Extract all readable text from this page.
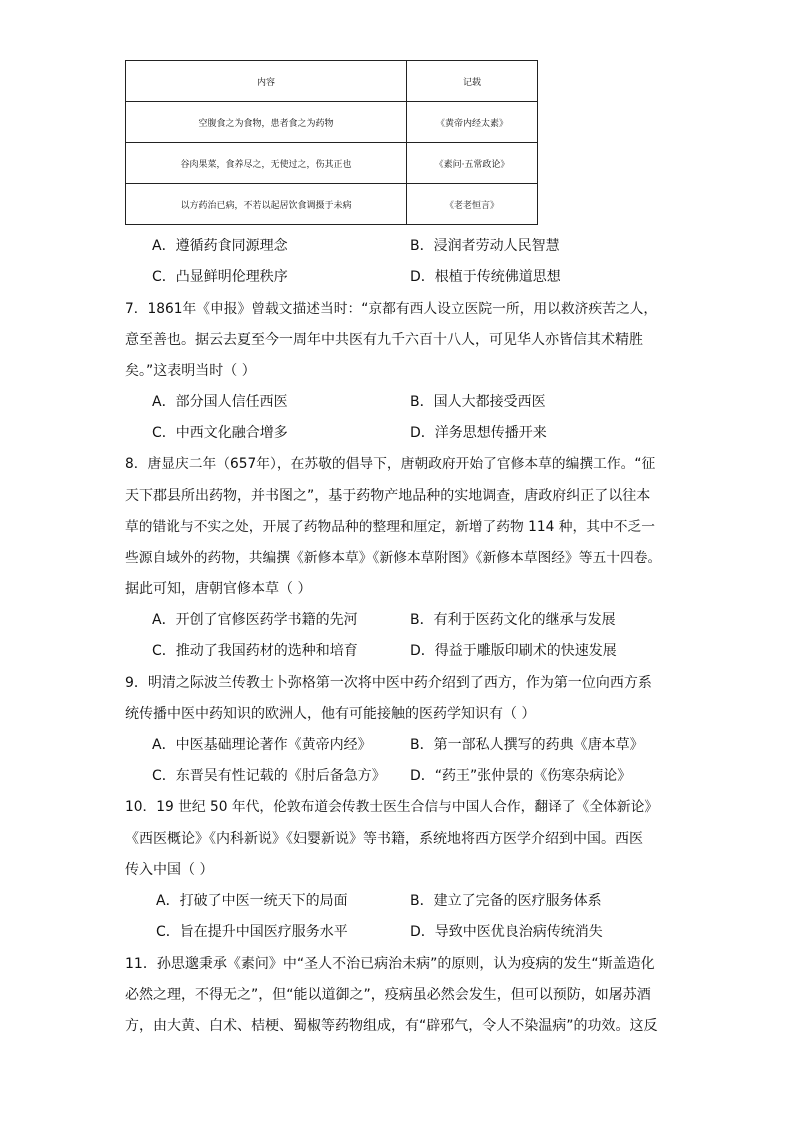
内容	记载
空腹食之为食物，患者食之为药物	《黄帝内经太素》
谷肉果菜，食养尽之，无使过之，伤其正也	《素问·五常政论》
以方药治已病，不若以起居饮食调摄于未病	《老老恒言》
A．遵循药食同源理念	B．浸润者劳动人民智慧
C．凸显鲜明伦理秩序	D．根植于传统佛道思想
7．1861年《申报》曾载文描述当时：“京都有西人设立医院一所，用以救济疾苦之人，
意至善也。据云去夏至今一周年中共医有九千六百十八人，可见华人亦皆信其术精胜
矣。”这表明当时（ ）
A．部分国人信任西医	B．国人大都接受西医
C．中西文化融合增多	D．洋务思想传播开来
8．唐显庆二年（657年），在苏敬的倡导下，唐朝政府开始了官修本草的编撰工作。“征
天下郡县所出药物，并书图之”，基于药物产地品种的实地调查，唐政府纠正了以往本
草的错讹与不实之处，开展了药物品种的整理和厘定，新增了药物 114 种，其中不乏一
些源自域外的药物，共编撰《新修本草》《新修本草附图》《新修本草图经》等五十四卷。
据此可知，唐朝官修本草（ ）
A．开创了官修医药学书籍的先河	B．有利于医药文化的继承与发展
C．推动了我国药材的选种和培育	D．得益于雕版印刷术的快速发展
9．明清之际波兰传教士卜弥格第一次将中医中药介绍到了西方，作为第一位向西方系
统传播中医中药知识的欧洲人，他有可能接触的医药学知识有（ ）
A．中医基础理论著作《黄帝内经》	B．第一部私人撰写的药典《唐本草》
C．东晋吴有性记载的《肘后备急方》 D．“药王”张仲景的《伤寒杂病论》
10．19 世纪 50 年代，伦敦布道会传教士医生合信与中国人合作，翻译了《全体新论》
《西医概论》《内科新说》《妇婴新说》等书籍，系统地将西方医学介绍到中国。西医
传入中国（ ）
A．打破了中医一统天下的局面	B．建立了完备的医疗服务体系
C．旨在提升中国医疗服务水平	D．导致中医优良治病传统消失
11．孙思邈秉承《素问》中“圣人不治已病治未病”的原则，认为疫病的发生“斯盖造化
必然之理，不得无之”，但“能以道御之”，疫病虽必然会发生，但可以预防，如屠苏酒
方，由大黄、白术、桔梗、蜀椒等药物组成，有“辟邪气，令人不染温病”的功效。这反
